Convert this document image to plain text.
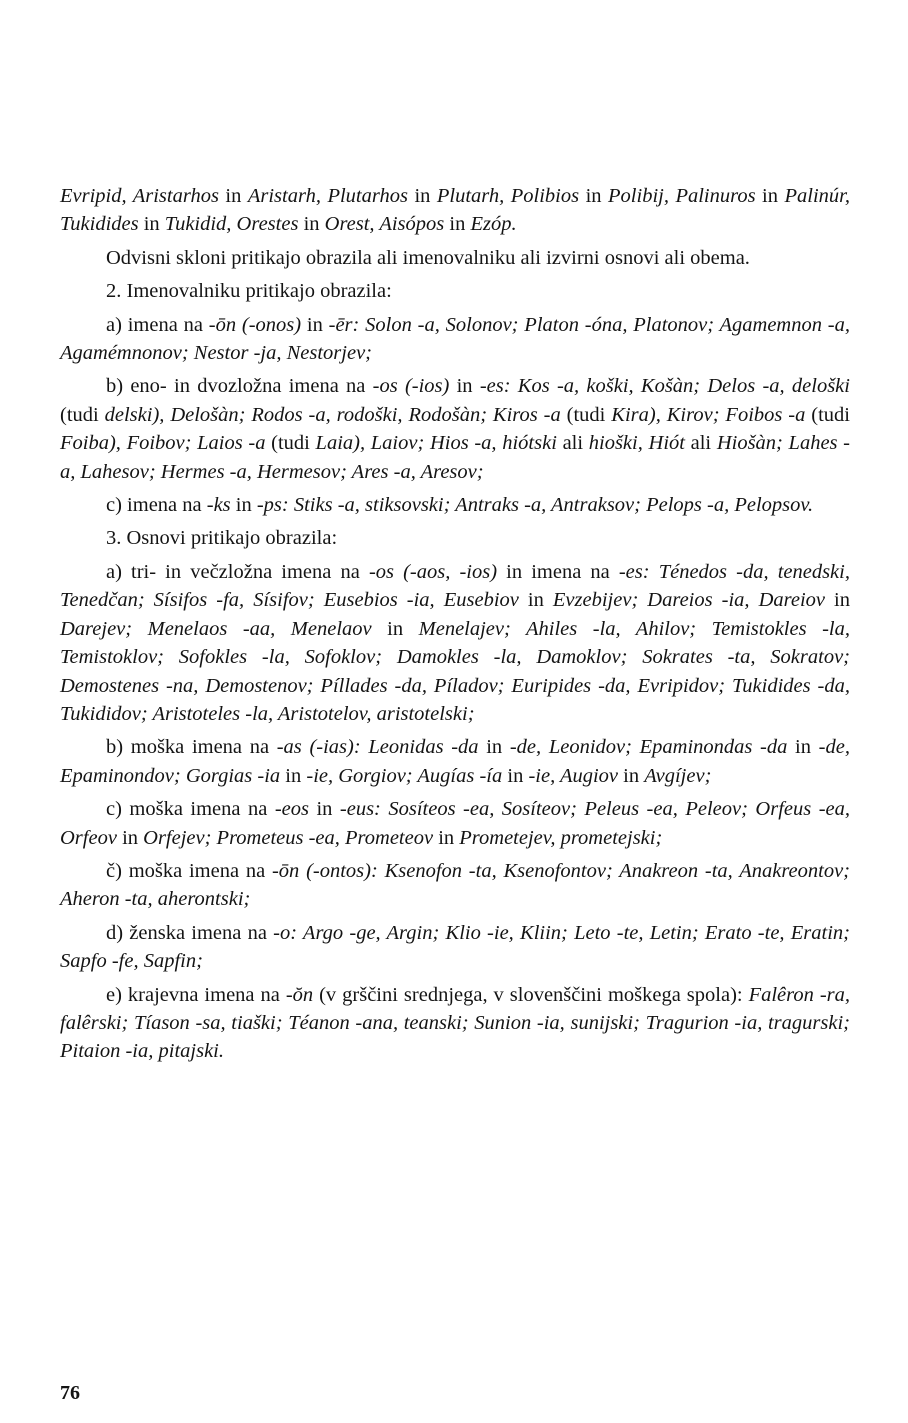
Evripid, Aristarhos in Aristarh, Plutarhos in Plutarh, Polibios in Polibij, Palinuros in Palinúr, Tukidides in Tukidid, Orestes in Orest, Aisópos in Ezóp.

Odvisni skloni pritikajo obrazila ali imenovalniku ali izvirni osnovi ali obema.

2. Imenovalniku pritikajo obrazila:

a) imena na -ōn (-onos) in -ēr: Solon -a, Solonov; Platon -óna, Platonov; Agamemnon -a, Agamémnonov; Nestor -ja, Nestorjev;

b) eno- in dvozložna imena na -os (-ios) in -es: Kos -a, koški, Košàn; Delos -a, deloški (tudi delski), Delošàn; Rodos -a, rodoški, Rodošàn; Kiros -a (tudi Kira), Kirov; Foibos -a (tudi Foiba), Foibov; Laios -a (tudi Laia), Laiov; Hios -a, hiótski ali hioški, Hiót ali Hiošàn; Lahes -a, Lahesov; Hermes -a, Hermesov; Ares -a, Aresov;

c) imena na -ks in -ps: Stiks -a, stiksovski; Antraks -a, Antraksov; Pelops -a, Pelopsov.

3. Osnovi pritikajo obrazila:

a) tri- in večzložna imena na -os (-aos, -ios) in imena na -es: Ténedos -da, tenedski, Tenedčan; Sísifos -fa, Sísifov; Eusebios -ia, Eusebiov in Evzebijev; Dareios -ia, Dareiov in Darejev; Menelaos -aa, Menelaov in Menelajev; Ahiles -la, Ahilov; Temistokles -la, Temistoklov; Sofokles -la, Sofoklov; Damokles -la, Damoklov; Sokrates -ta, Sokratov; Demostenes -na, Demostenov; Píllades -da, Píladov; Euripides -da, Evripidov; Tukidides -da, Tukididov; Aristoteles -la, Aristotelov, aristotelski;

b) moška imena na -as (-ias): Leonidas -da in -de, Leonidov; Epaminondas -da in -de, Epaminondov; Gorgias -ia in -ie, Gorgiov; Augías -ía in -ie, Augiov in Avgíjev;

c) moška imena na -eos in -eus: Sosíteos -ea, Sosíteov; Peleus -ea, Peleov; Orfeus -ea, Orfeov in Orfejev; Prometeus -ea, Prometeov in Prometejev, prometejski;

č) moška imena na -ōn (-ontos): Ksenofon -ta, Ksenofontov; Anakreon -ta, Anakreontov; Aheron -ta, aherontski;

d) ženska imena na -o: Argo -ge, Argin; Klio -ie, Kliin; Leto -te, Letin; Erato -te, Eratin; Sapfo -fe, Sapfin;

e) krajevna imena na -ŏn (v grščini srednjega, v slovenščini moškega spola): Falêron -ra, falêrski; Tíason -sa, tiaški; Téanon -ana, teanski; Sunion -ia, sunijski; Tragurion -ia, tragurski; Pitaion -ia, pitajski.

76
